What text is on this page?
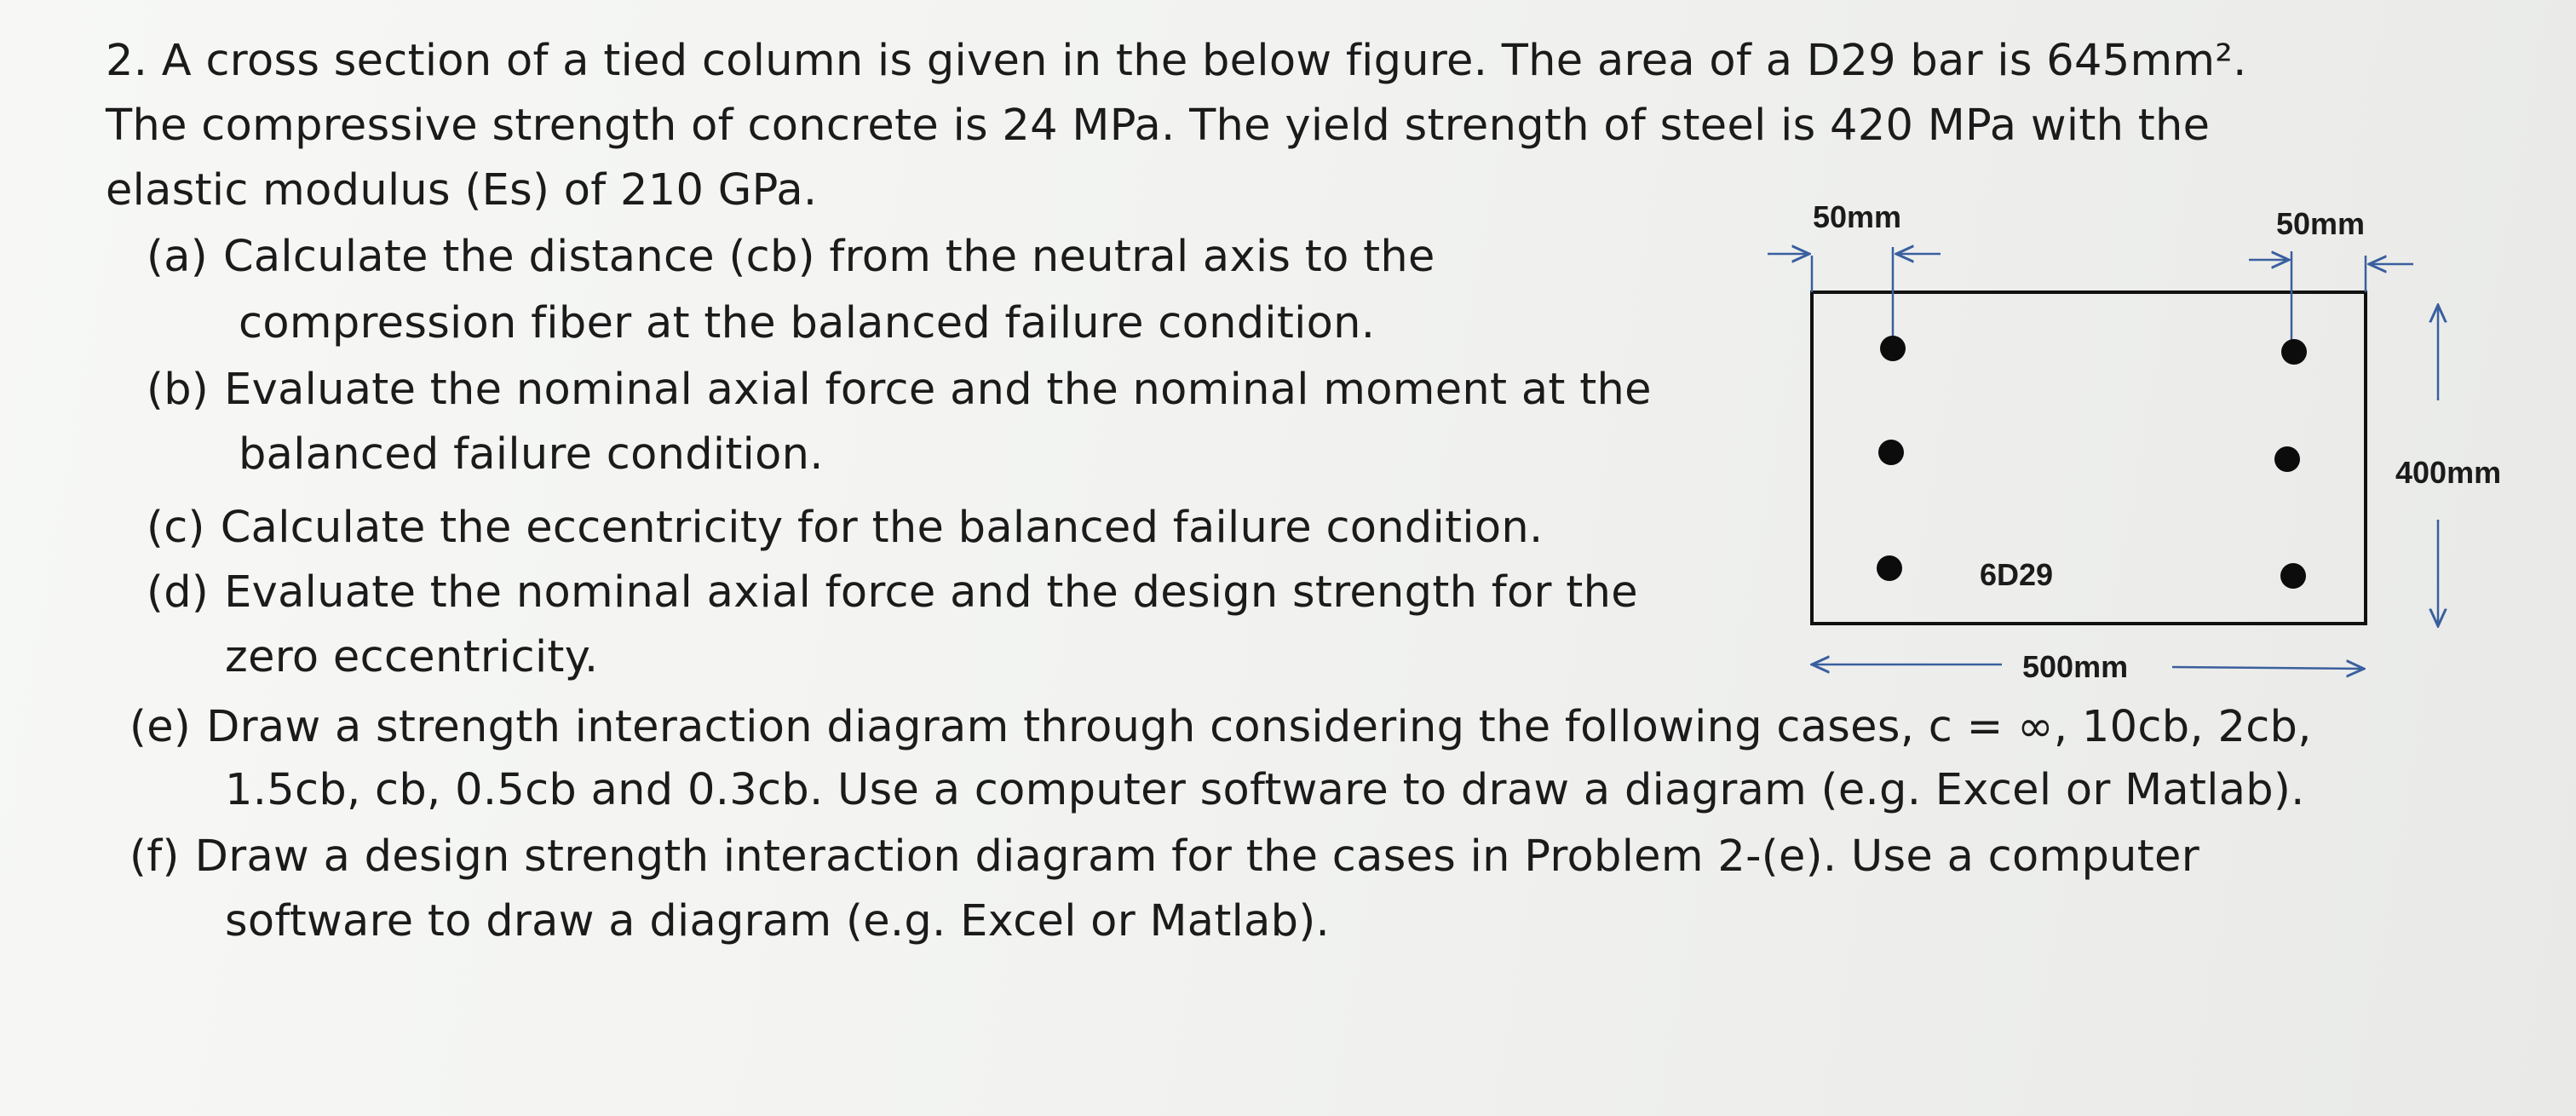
2. A cross section of a tied column is given in the below figure. The area of a D29 bar is 645mm².
The compressive strength of concrete is 24 MPa. The yield strength of steel is 420 MPa with the
elastic modulus (Es) of 210 GPa.
(a) Calculate the distance (cb) from the neutral axis to the
compression fiber at the balanced failure condition.
(b) Evaluate the nominal axial force and the nominal moment at the
balanced failure condition.
(c) Calculate the eccentricity for the balanced failure condition.
(d) Evaluate the nominal axial force and the design strength for the
zero eccentricity.
(e) Draw a strength interaction diagram through considering the following cases, c = ∞, 10cb, 2cb,
1.5cb, cb, 0.5cb and 0.3cb. Use a computer software to draw a diagram (e.g. Excel or Matlab).
(f) Draw a design strength interaction diagram for the cases in Problem 2-(e). Use a computer
software to draw a diagram (e.g. Excel or Matlab).
50mm	50mm
400mm
500mm
6D29
